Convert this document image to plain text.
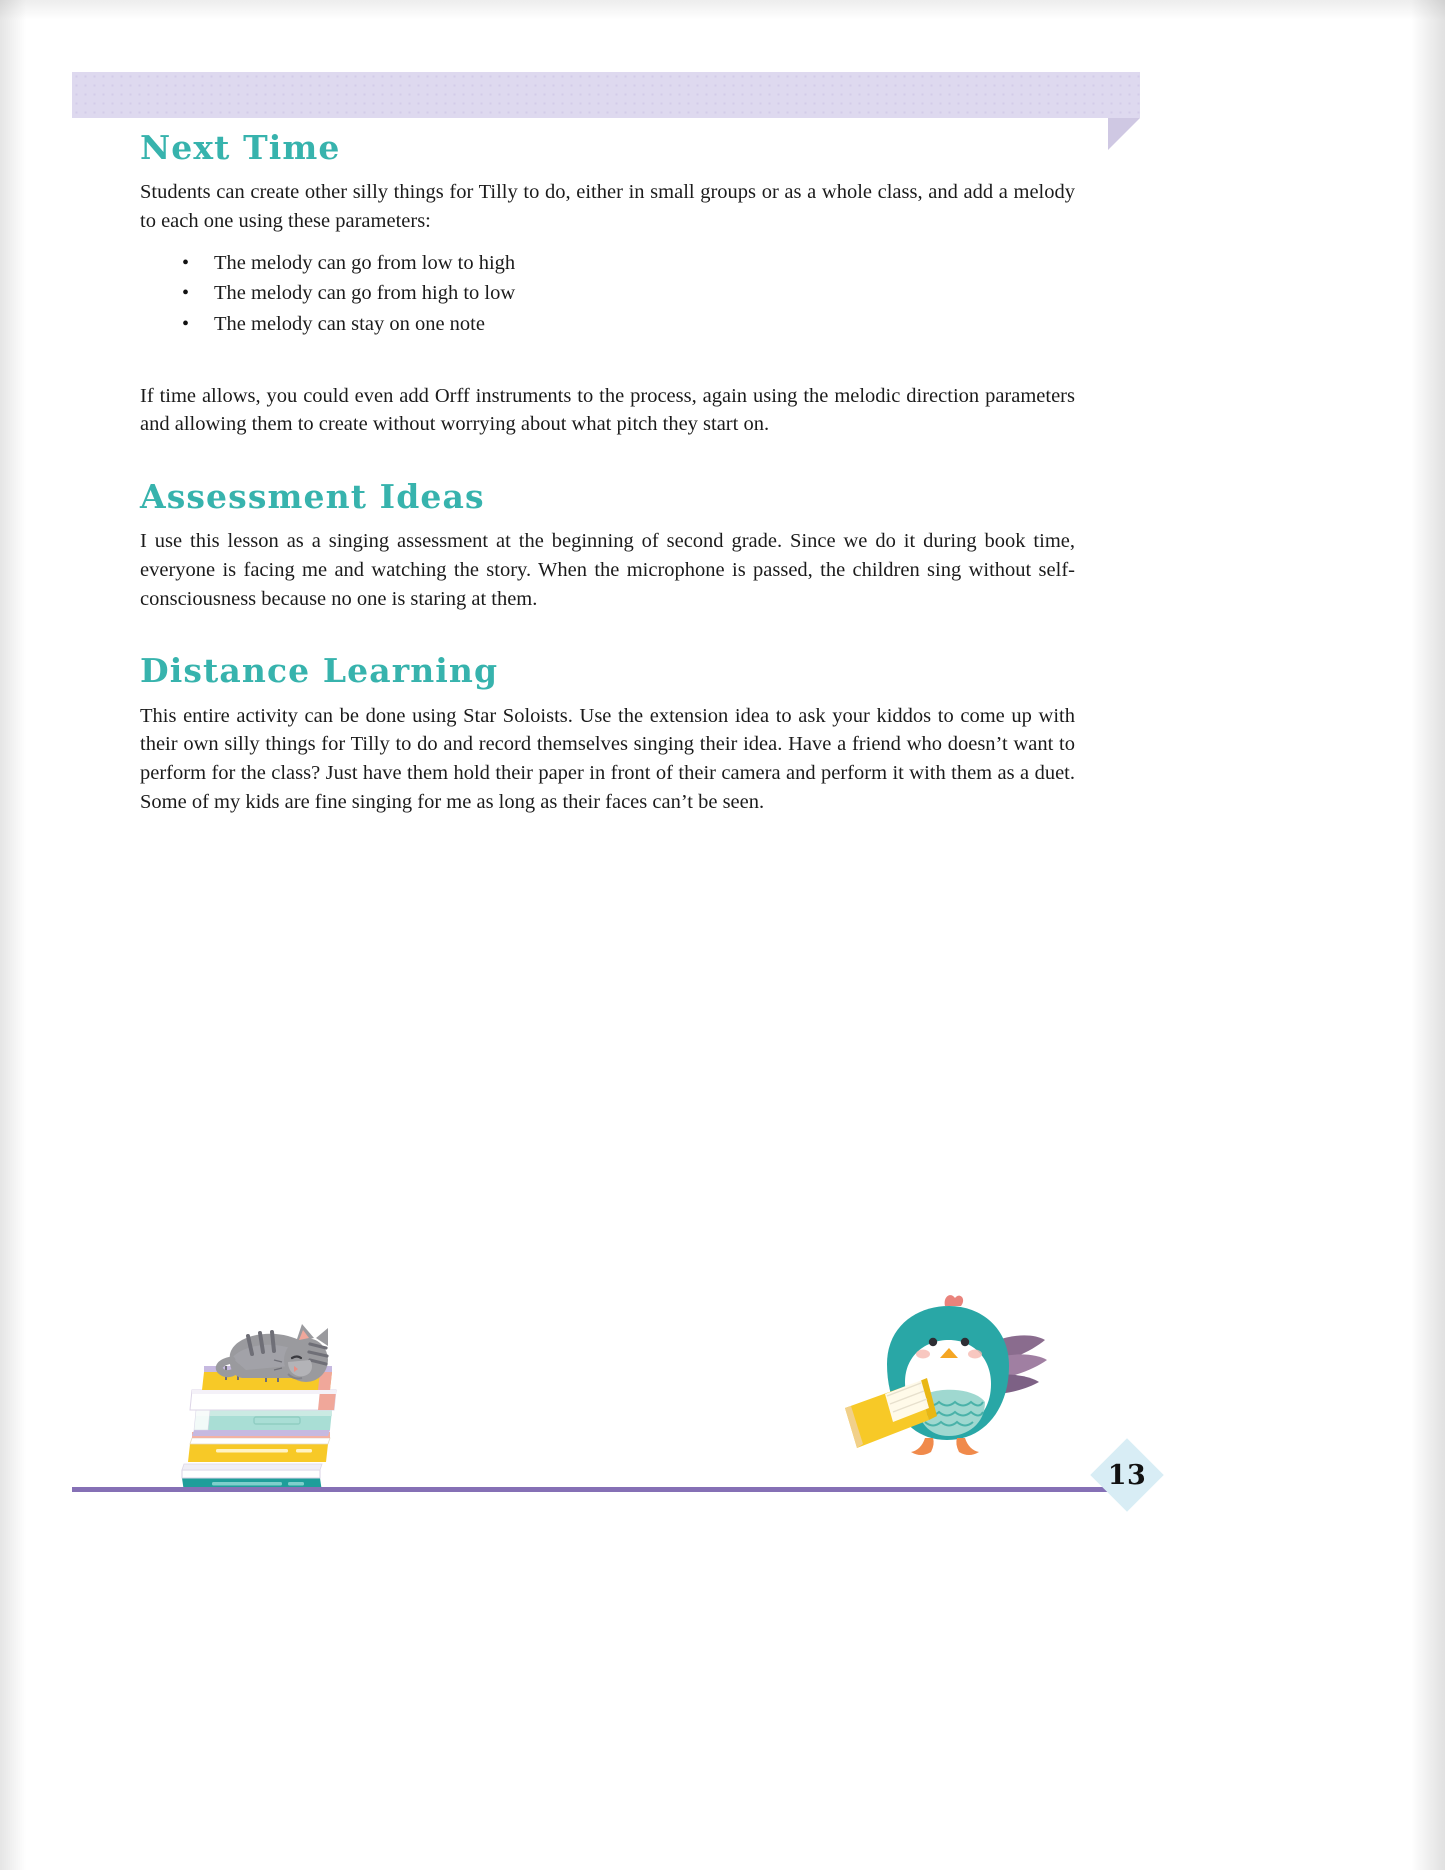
Next Time

Students can create other silly things for Tilly to do, either in small groups or as a whole class, and add a melody to each one using these parameters:

• The melody can go from low to high
• The melody can go from high to low
• The melody can stay on one note

If time allows, you could even add Orff instruments to the process, again using the melodic direction parameters and allowing them to create without worrying about what pitch they start on.

Assessment Ideas

I use this lesson as a singing assessment at the beginning of second grade. Since we do it during book time, everyone is facing me and watching the story. When the microphone is passed, the children sing without self-consciousness because no one is staring at them.

Distance Learning

This entire activity can be done using Star Soloists. Use the extension idea to ask your kiddos to come up with their own silly things for Tilly to do and record themselves singing their idea. Have a friend who doesn’t want to perform for the class? Just have them hold their paper in front of their camera and perform it with them as a duet. Some of my kids are fine singing for me as long as their faces can’t be seen.

13
